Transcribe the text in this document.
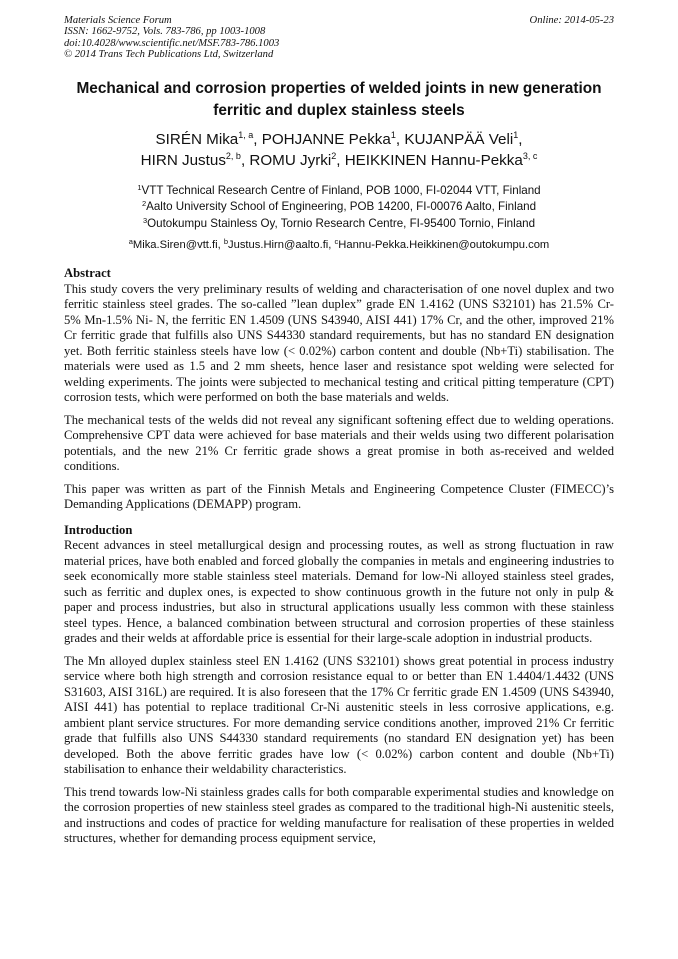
Materials Science Forum
ISSN: 1662-9752, Vols. 783-786, pp 1003-1008
doi:10.4028/www.scientific.net/MSF.783-786.1003
© 2014 Trans Tech Publications Ltd, Switzerland
Online: 2014-05-23
Mechanical and corrosion properties of welded joints in new generation
ferritic and duplex stainless steels
SIRÉN Mika$^{1, a}$, POHJANNE Pekka$^1$, KUJANPÄÄ Veli$^1$,
HIRN Justus$^{2, b}$, ROMU Jyrki$^2$, HEIKKINEN Hannu-Pekka$^{3, c}$
$^1$VTT Technical Research Centre of Finland, POB 1000, FI-02044 VTT, Finland
$^2$Aalto University School of Engineering, POB 14200, FI-00076 Aalto, Finland
$^3$Outokumpu Stainless Oy, Tornio Research Centre, FI-95400 Tornio, Finland
$^a$Mika.Siren@vtt.fi, $^b$Justus.Hirn@aalto.fi, $^c$Hannu-Pekka.Heikkinen@outokumpu.com
Abstract

This study covers the very preliminary results of welding and characterisation of one novel duplex and two ferritic stainless steel grades. The so-called ”lean duplex” grade EN 1.4162 (UNS S32101) has 21.5% Cr- 5% Mn-1.5% Ni- N, the ferritic EN 1.4509 (UNS S43940, AISI 441) 17% Cr, and the other, improved 21% Cr ferritic grade that fulfills also UNS S44330 standard requirements, but has no standard EN designation yet. Both ferritic stainless steels have low (< 0.02%) carbon content and double (Nb+Ti) stabilisation. The materials were used as 1.5 and 2 mm sheets, hence laser and resistance spot welding were selected for welding experiments. The joints were subjected to mechanical testing and critical pitting temperature (CPT) corrosion tests, which were performed on both the base materials and welds.

The mechanical tests of the welds did not reveal any significant softening effect due to welding operations. Comprehensive CPT data were achieved for base materials and their welds using two different polarisation potentials, and the new 21% Cr ferritic grade shows a great promise in both as-received and welded conditions.

This paper was written as part of the Finnish Metals and Engineering Competence Cluster (FIMECC)’s Demanding Applications (DEMAPP) program.

Introduction

Recent advances in steel metallurgical design and processing routes, as well as strong fluctuation in raw material prices, have both enabled and forced globally the companies in metals and engineering industries to seek economically more stable stainless steel materials. Demand for low-Ni alloyed stainless steel grades, such as ferritic and duplex ones, is expected to show continuous growth in the future not only in pulp & paper and process industries, but also in structural applications usually less common with these stainless steel types. Hence, a balanced combination between structural and corrosion properties of these stainless grades and their welds at affordable price is essential for their large-scale adoption in industrial products.

The Mn alloyed duplex stainless steel EN 1.4162 (UNS S32101) shows great potential in process industry service where both high strength and corrosion resistance equal to or better than EN 1.4404/1.4432 (UNS S31603, AISI 316L) are required. It is also foreseen that the 17% Cr ferritic grade EN 1.4509 (UNS S43940, AISI 441) has potential to replace traditional Cr-Ni austenitic steels in less corrosive applications, e.g. ambient plant service structures. For more demanding service conditions another, improved 21% Cr ferritic grade that fulfills also UNS S44330 standard requirements (no standard EN designation yet) has been developed. Both the above ferritic grades have low (< 0.02%) carbon content and double (Nb+Ti) stabilisation to enhance their weldability characteristics.

This trend towards low-Ni stainless grades calls for both comparable experimental studies and knowledge on the corrosion properties of new stainless steel grades as compared to the traditional high-Ni austenitic steels, and instructions and codes of practice for welding manufacture for realisation of these properties in welded structures, whether for demanding process equipment service,
